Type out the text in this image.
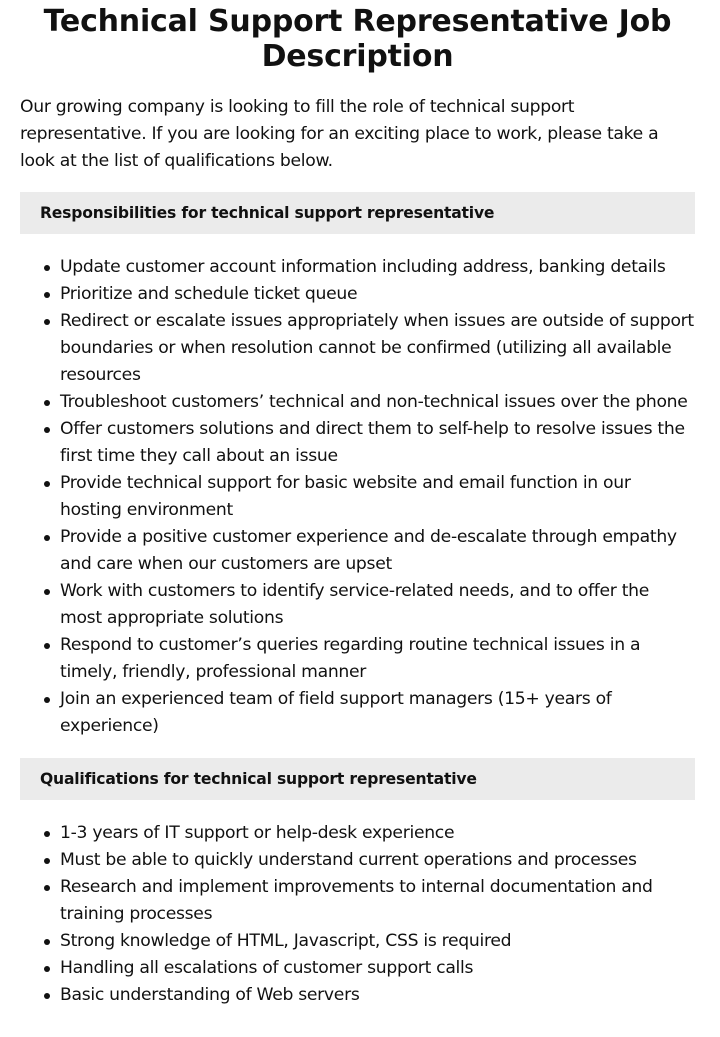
Technical Support Representative Job Description

Our growing company is looking to fill the role of technical support representative. If you are looking for an exciting place to work, please take a look at the list of qualifications below.

Responsibilities for technical support representative
Update customer account information including address, banking details
Prioritize and schedule ticket queue
Redirect or escalate issues appropriately when issues are outside of support boundaries or when resolution cannot be confirmed (utilizing all available resources
Troubleshoot customers’ technical and non-technical issues over the phone
Offer customers solutions and direct them to self-help to resolve issues the first time they call about an issue
Provide technical support for basic website and email function in our hosting environment
Provide a positive customer experience and de-escalate through empathy and care when our customers are upset
Work with customers to identify service-related needs, and to offer the most appropriate solutions
Respond to customer’s queries regarding routine technical issues in a timely, friendly, professional manner
Join an experienced team of field support managers (15+ years of experience)
Qualifications for technical support representative
1-3 years of IT support or help-desk experience
Must be able to quickly understand current operations and processes
Research and implement improvements to internal documentation and training processes
Strong knowledge of HTML, Javascript, CSS is required
Handling all escalations of customer support calls
Basic understanding of Web servers
